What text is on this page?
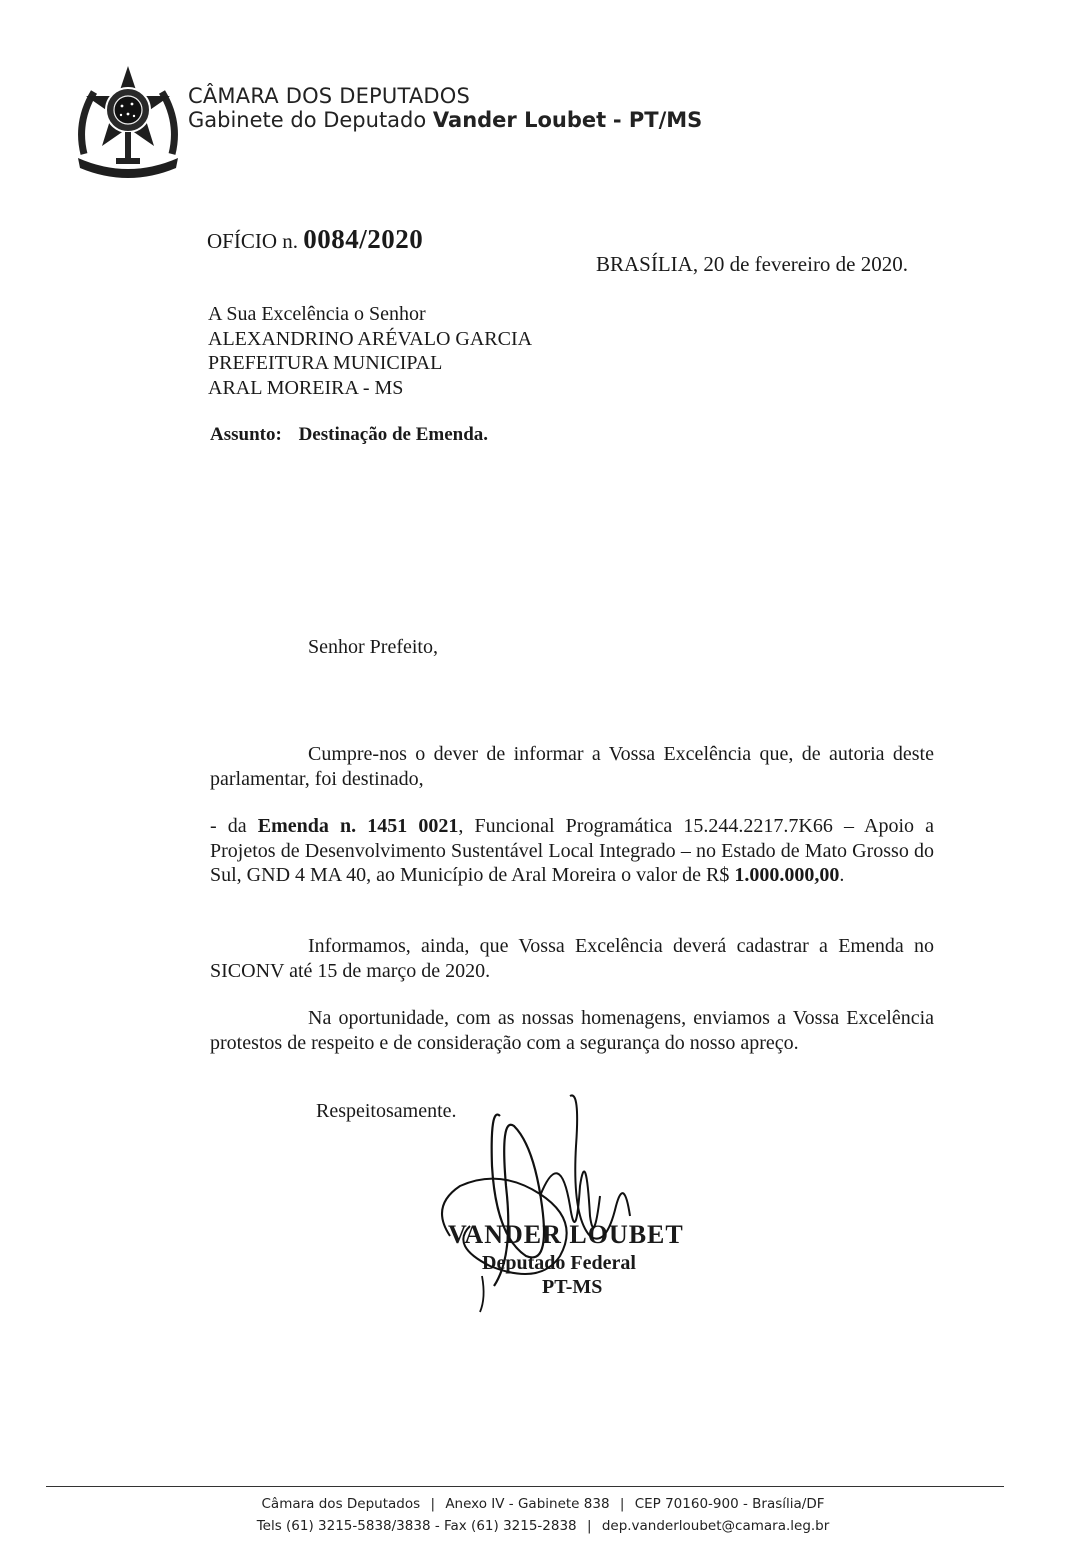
CÂMARA DOS DEPUTADOS
Gabinete do Deputado Vander Loubet - PT/MS
OFÍCIO n. 0084/2020
BRASÍLIA, 20 de fevereiro de 2020.
A Sua Excelência o Senhor
ALEXANDRINO ARÉVALO GARCIA
PREFEITURA MUNICIPAL
ARAL MOREIRA - MS
Assunto: Destinação de Emenda.
Senhor Prefeito,
Cumpre-nos o dever de informar a Vossa Excelência que, de autoria deste parlamentar, foi destinado,
- da Emenda n. 1451 0021, Funcional Programática 15.244.2217.7K66 – Apoio a Projetos de Desenvolvimento Sustentável Local Integrado – no Estado de Mato Grosso do Sul, GND 4 MA 40, ao Município de Aral Moreira o valor de R$ 1.000.000,00.
Informamos, ainda, que Vossa Excelência deverá cadastrar a Emenda no SICONV até 15 de março de 2020.
Na oportunidade, com as nossas homenagens, enviamos a Vossa Excelência protestos de respeito e de consideração com a segurança do nosso apreço.
Respeitosamente.
VANDER LOUBET
Deputado Federal
PT-MS
Câmara dos Deputados | Anexo IV - Gabinete 838 | CEP 70160-900 - Brasília/DF
Tels (61) 3215-5838/3838 - Fax (61) 3215-2838 | dep.vanderloubet@camara.leg.br
